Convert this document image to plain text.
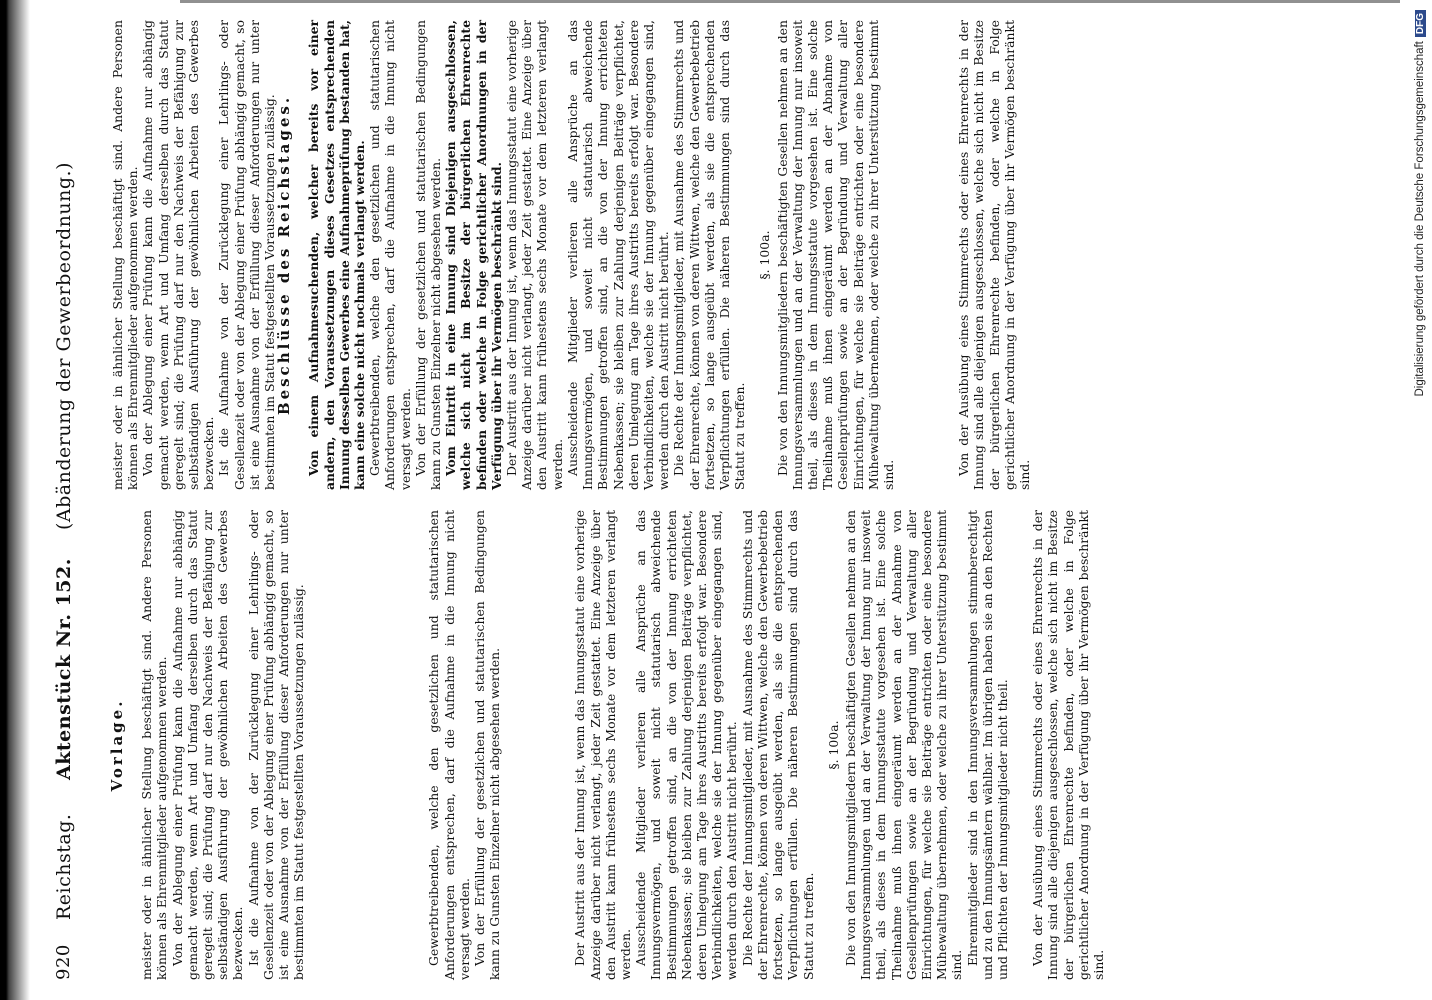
920
Reichstag.
Aktenstück Nr. 152.
(Abänderung der Gewerbeordnung.)

Vorlage. meister oder in ähnlicher Stellung beschäftigt sind. Andere Personen können als Ehrenmitglieder aufgenommen werden. Von der Ablegung einer Prüfung kann die Aufnahme nur abhängig gemacht werden, wenn Art und Umfang derselben durch das Statut geregelt sind; die Prüfung darf nur den Nachweis der Befähigung zur selbständigen Ausführung der gewöhnlichen Arbeiten des Gewerbes bezwecken. Ist die Aufnahme von der Zurücklegung einer Lehrlings- oder Gesellenzeit oder von der Ablegung einer Prüfung abhängig gemacht, so ist eine Ausnahme von der Erfüllung dieser Anforderungen nur unter bestimmten im Statut festgestellten Voraussetzungen zulässig.	Gewerbtreibenden, welche den gesetzlichen und statutarischen Anforderungen entsprechen, darf die Aufnahme in die Innung nicht versagt werden. Von der Erfüllung der gesetzlichen und statutarischen Bedingungen kann zu Gunsten Einzelner nicht abgesehen werden.	Der Austritt aus der Innung ist, wenn das Innungsstatut eine vorherige Anzeige darüber nicht verlangt, jeder Zeit gestattet. Eine Anzeige über den Austritt kann frühestens sechs Monate vor dem letzteren verlangt werden. Ausscheidende Mitglieder verlieren alle Ansprüche an das Innungsvermögen, und soweit nicht statutarisch abweichende Bestimmungen getroffen sind, an die von der Innung errichteten Nebenkassen; sie bleiben zur Zahlung derjenigen Beiträge verpflichtet, deren Umlegung am Tage ihres Austritts bereits erfolgt war. Besondere Verbindlichkeiten, welche sie der Innung gegenüber eingegangen sind, werden durch den Austritt nicht berührt. Die Rechte der Innungsmitglieder, mit Ausnahme des Stimmrechts und der Ehrenrechte, können von deren Wittwen, welche den Gewerbebetrieb fortsetzen, so lange ausgeübt werden, als sie die entsprechenden Verpflichtungen erfüllen. Die näheren Bestimmungen sind durch das Statut zu treffen.

§. 100a. Die von den Innungsmitgliedern beschäftigten Gesellen nehmen an den Innungsversammlungen und an der Verwaltung der Innung nur insoweit theil, als dieses in dem Innungsstatute vorgesehen ist. Eine solche Theilnahme muß ihnen eingeräumt werden an der Abnahme von Gesellenprüfungen sowie an der Begründung und Verwaltung aller Einrichtungen, für welche sie Beiträge entrichten oder eine besondere Mühewaltung übernehmen, oder welche zu ihrer Unterstützung bestimmt sind. Ehrenmitglieder sind in den Innungsversammlungen stimmberechtigt und zu den Innungsämtern wählbar. Im übrigen haben sie an den Rechten und Pflichten der Innungsmitglieder nicht theil. Von der Ausübung eines Stimmrechts oder eines Ehrenrechts in der Innung sind alle diejenigen ausgeschlossen, welche sich nicht im Besitze der bürgerlichen Ehrenrechte befinden, oder welche in Folge gerichtlicher Anordnung in der Verfügung über ihr Vermögen beschränkt sind.

meister oder in ähnlicher Stellung beschäftigt sind. Andere Personen können als Ehrenmitglieder aufgenommen werden. Von der Ablegung einer Prüfung kann die Aufnahme nur abhängig gemacht werden, wenn Art und Umfang derselben durch das Statut geregelt sind; die Prüfung darf nur den Nachweis der Befähigung zur selbständigen Ausführung der gewöhnlichen Arbeiten des Gewerbes bezwecken. Ist die Aufnahme von der Zurücklegung einer Lehrlings- oder Gesellenzeit oder von der Ablegung einer Prüfung abhängig gemacht, so ist eine Ausnahme von der Erfüllung dieser Anforderungen nur unter bestimmten im Statut festgestellten Voraussetzungen zulässig.

Beschlüsse des Reichstages. Von einem Aufnahmesuchenden, welcher bereits vor einer andern, den Voraussetzungen dieses Gesetzes entsprechenden Innung desselben Gewerbes eine Aufnahmeprüfung bestanden hat, kann eine solche nicht nochmals verlangt werden. Gewerbtreibenden, welche den gesetzlichen und statutarischen Anforderungen entsprechen, darf die Aufnahme in die Innung nicht versagt werden. Von der Erfüllung der gesetzlichen und statutarischen Bedingungen kann zu Gunsten Einzelner nicht abgesehen werden. Vom Eintritt in eine Innung sind Diejenigen ausgeschlossen, welche sich nicht im Besitze der bürgerlichen Ehrenrechte befinden oder welche in Folge gerichtlicher Anordnungen in der Verfügung über ihr Vermögen beschränkt sind. Der Austritt aus der Innung ist, wenn das Innungsstatut eine vorherige Anzeige darüber nicht verlangt, jeder Zeit gestattet. Eine Anzeige über den Austritt kann frühestens sechs Monate vor dem letzteren verlangt werden. Ausscheidende Mitglieder verlieren alle Ansprüche an das Innungsvermögen, und soweit nicht statutarisch abweichende Bestimmungen getroffen sind, an die von der Innung errichteten Nebenkassen; sie bleiben zur Zahlung derjenigen Beiträge verpflichtet, deren Umlegung am Tage ihres Austritts bereits erfolgt war. Besondere Verbindlichkeiten, welche sie der Innung gegenüber eingegangen sind, werden durch den Austritt nicht berührt. Die Rechte der Innungsmitglieder, mit Ausnahme des Stimmrechts und der Ehrenrechte, können von deren Wittwen, welche den Gewerbebetrieb fortsetzen, so lange ausgeübt werden, als sie die entsprechenden Verpflichtungen erfüllen. Die näheren Bestimmungen sind durch das Statut zu treffen.

§. 100a. Die von den Innungsmitgliedern beschäftigten Gesellen nehmen an den Innungsversammlungen und an der Verwaltung der Innung nur insoweit theil, als dieses in dem Innungsstatute vorgesehen ist. Eine solche Theilnahme muß ihnen eingeräumt werden an der Abnahme von Gesellenprüfungen sowie an der Begründung und Verwaltung aller Einrichtungen, für welche sie Beiträge entrichten oder eine besondere Mühewaltung übernehmen, oder welche zu ihrer Unterstützung bestimmt sind.	Von der Ausübung eines Stimmrechts oder eines Ehrenrechts in der Innung sind alle diejenigen ausgeschlossen, welche sich nicht im Besitze der bürgerlichen Ehrenrechte befinden, oder welche in Folge gerichtlicher Anordnung in der Verfügung über ihr Vermögen beschränkt sind.

Digitalisierung gefördert durch die Deutsche ForschungsgemeinschaftDFG
